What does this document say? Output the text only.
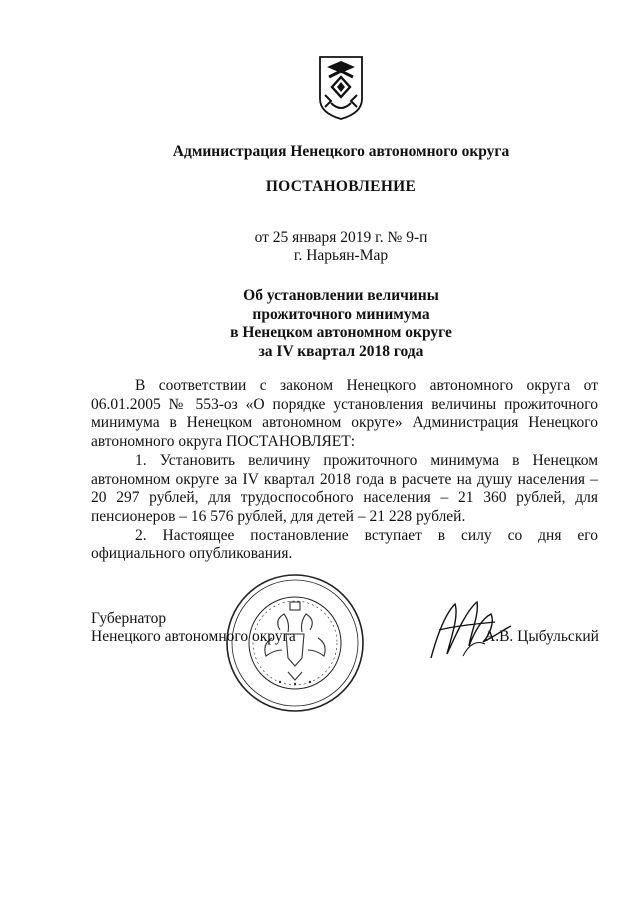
Администрация Ненецкого автономного округа
ПОСТАНОВЛЕНИЕ
от 25 января 2019 г. № 9-п
г. Нарьян-Мар
Об установлении величины
прожиточного минимума
в Ненецком автономном округе
за IV квартал 2018 года

В соответствии с законом Ненецкого автономного округа от 06.01.2005 № 553-оз «О порядке установления величины прожиточного минимума в Ненецком автономном округе» Администрация Ненецкого автономного округа ПОСТАНОВЛЯЕТ:

1. Установить величину прожиточного минимума в Ненецком автономном округе за IV квартал 2018 года в расчете на душу населения – 20 297 рублей, для трудоспособного населения – 21 360 рублей, для пенсионеров – 16 576 рублей, для детей – 21 228 рублей.

2. Настоящее постановление вступает в силу со дня его официального опубликования.

Губернатор
Ненецкого автономного округа	А.В. Цыбульский
